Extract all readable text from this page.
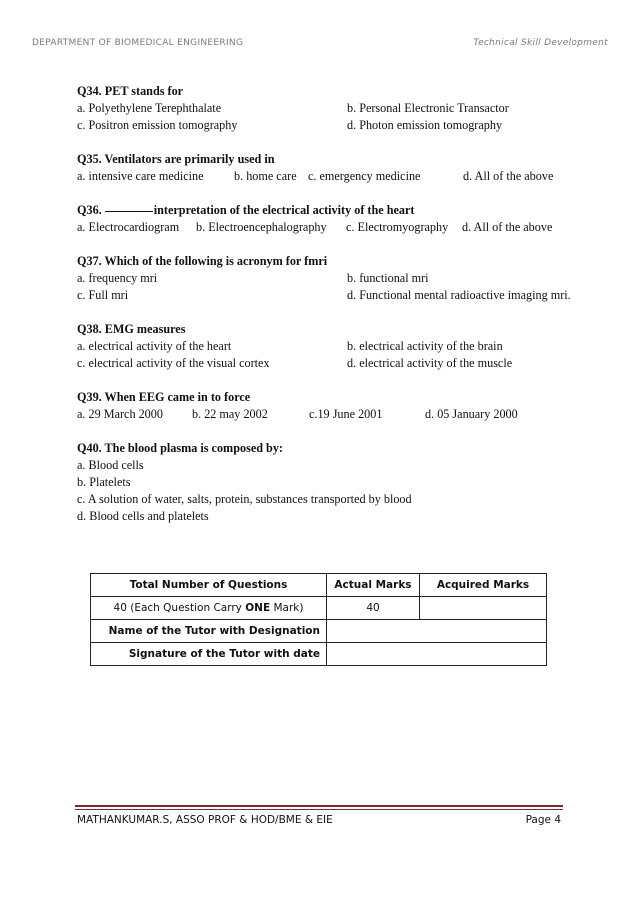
DEPARTMENT OF BIOMEDICAL ENGINEERING	Technical Skill Development
Q34. PET stands for
a. Polyethylene Terephthalate	b. Personal Electronic Transactor
c. Positron emission tomography	d. Photon emission tomography
Q35. Ventilators are primarily used in
a. intensive care medicine b. home care c. emergency medicine	d. All of the above
Q36.	interpretation of the electrical activity of the heart
a. Electrocardiogram b. Electroencephalography c. Electromyography d. All of the above
Q37. Which of the following is acronym for fmri
a. frequency mri	b. functional mri
c. Full mri	d. Functional mental radioactive imaging mri.
Q38. EMG measures
a. electrical activity of the heart	b. electrical activity of the brain
c. electrical activity of the visual cortex	d. electrical activity of the muscle
Q39. When EEG came in to force
a. 29 March 2000 b. 22 may 2002	c.19 June 2001	d. 05 January 2000
Q40. The blood plasma is composed by:
a. Blood cells
b. Platelets
c. A solution of water, salts, protein, substances transported by blood
d. Blood cells and platelets
Total Number of Questions	Actual Marks	Acquired Marks
40 (Each Question Carry ONE Mark)	40	
Name of the Tutor with Designation		
Signature of the Tutor with date		
MATHANKUMAR.S, ASSO PROF & HOD/BME & EIE	Page 4
